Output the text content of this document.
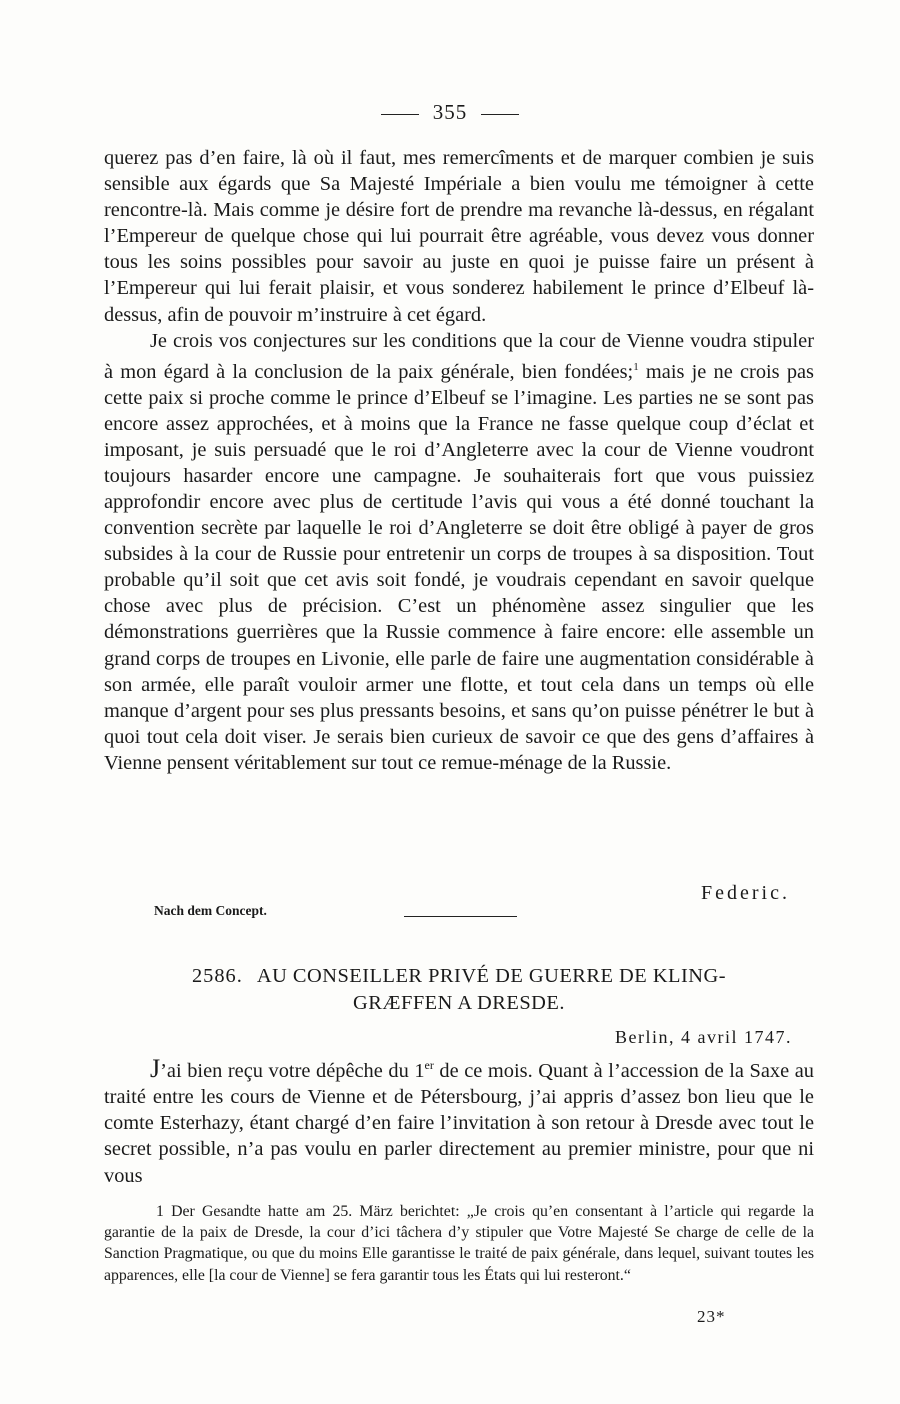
355

querez pas d’en faire, là où il faut, mes remercîments et de marquer combien je suis sensible aux égards que Sa Majesté Impériale a bien voulu me témoigner à cette rencontre-là. Mais comme je désire fort de prendre ma revanche là-dessus, en régalant l’Empereur de quelque chose qui lui pourrait être agréable, vous devez vous donner tous les soins possibles pour savoir au juste en quoi je puisse faire un présent à l’Empereur qui lui ferait plaisir, et vous sonderez habilement le prince d’Elbeuf là-dessus, afin de pouvoir m’instruire à cet égard.

Je crois vos conjectures sur les conditions que la cour de Vienne voudra stipuler à mon égard à la conclusion de la paix générale, bien fondées;$^1$ mais je ne crois pas cette paix si proche comme le prince d’Elbeuf se l’imagine. Les parties ne se sont pas encore assez approchées, et à moins que la France ne fasse quelque coup d’éclat et imposant, je suis persuadé que le roi d’Angleterre avec la cour de Vienne voudront toujours hasarder encore une campagne. Je souhaiterais fort que vous puissiez approfondir encore avec plus de certitude l’avis qui vous a été donné touchant la convention secrète par laquelle le roi d’Angleterre se doit être obligé à payer de gros subsides à la cour de Russie pour entretenir un corps de troupes à sa disposition. Tout probable qu’il soit que cet avis soit fondé, je voudrais cependant en savoir quelque chose avec plus de précision. C’est un phénomène assez singulier que les démonstrations guerrières que la Russie commence à faire encore: elle assemble un grand corps de troupes en Livonie, elle parle de faire une augmentation considérable à son armée, elle paraît vouloir armer une flotte, et tout cela dans un temps où elle manque d’argent pour ses plus pressants besoins, et sans qu’on puisse pénétrer le but à quoi tout cela doit viser. Je serais bien curieux de savoir ce que des gens d’affaires à Vienne pensent véritablement sur tout ce remue-ménage de la Russie.

Federic.
Nach dem Concept.
2586. AU CONSEILLER PRIVÉ DE GUERRE DE KLING-
GRÆFFEN A DRESDE.
Berlin, 4 avril 1747.

J’ai bien reçu votre dépêche du 1er de ce mois. Quant à l’accession de la Saxe au traité entre les cours de Vienne et de Pétersbourg, j’ai appris d’assez bon lieu que le comte Esterhazy, étant chargé d’en faire l’invitation à son retour à Dresde avec tout le secret possible, n’a pas voulu en parler directement au premier ministre, pour que ni vous

1 Der Gesandte hatte am 25. März berichtet: „Je crois qu’en consentant à l’article qui regarde la garantie de la paix de Dresde, la cour d’ici tâchera d’y stipuler que Votre Majesté Se charge de celle de la Sanction Pragmatique, ou que du moins Elle garantisse le traité de paix générale, dans lequel, suivant toutes les apparences, elle [la cour de Vienne] se fera garantir tous les États qui lui resteront.“

23*
